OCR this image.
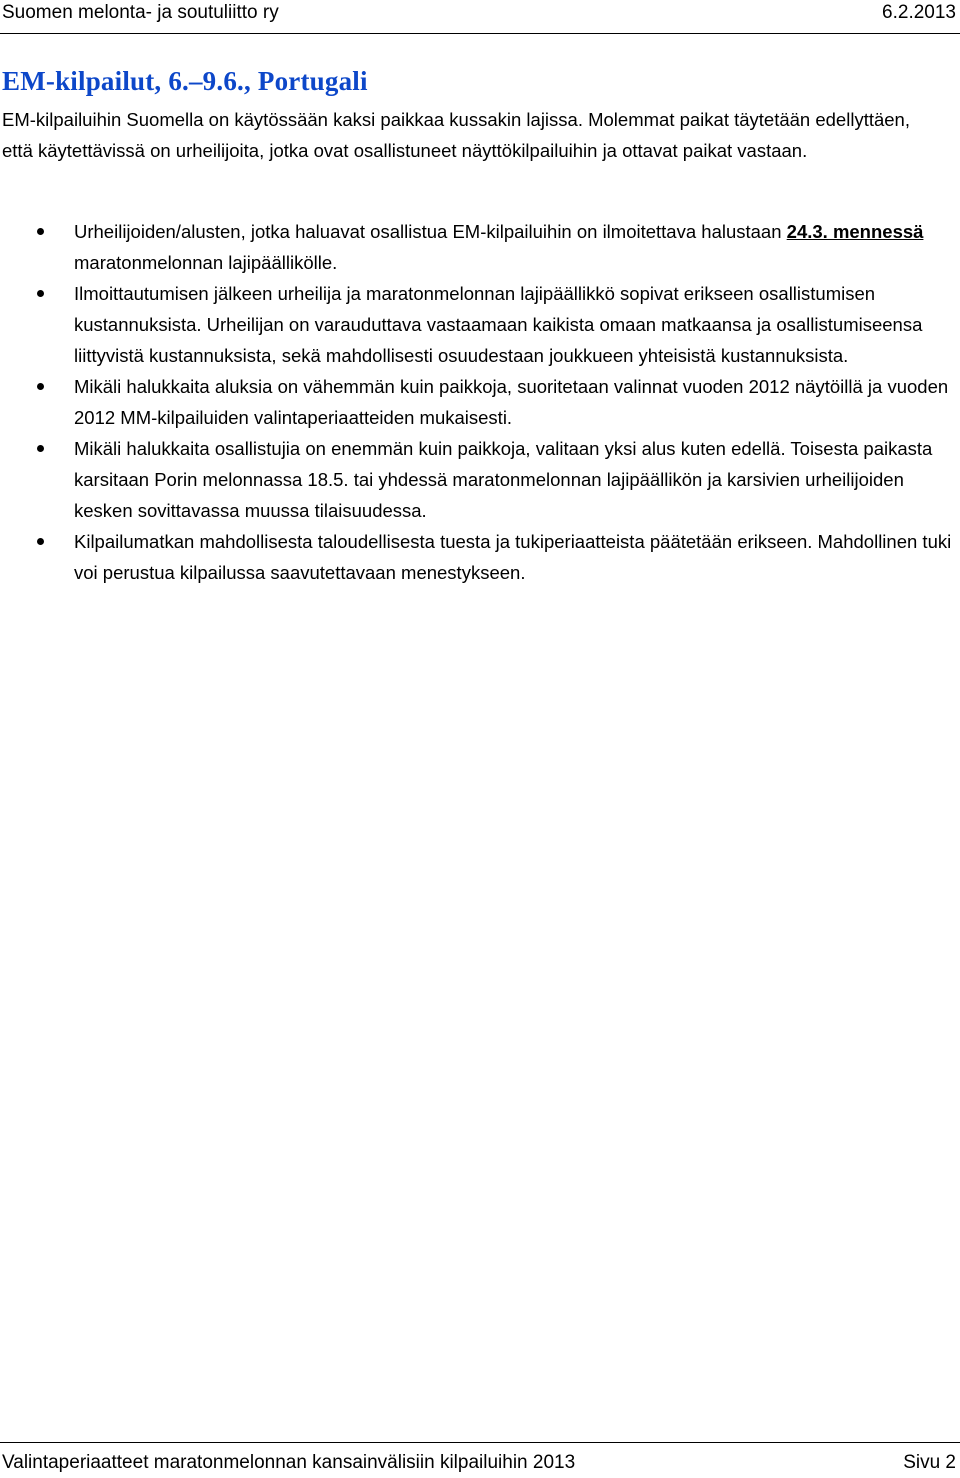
Suomen melonta- ja soutuliitto ry	6.2.2013
EM-kilpailut, 6.–9.6., Portugali

EM-kilpailuihin Suomella on käytössään kaksi paikkaa kussakin lajissa. Molemmat paikat täytetään edellyttäen, että käytettävissä on urheilijoita, jotka ovat osallistuneet näyttökilpailuihin ja ottavat paikat vastaan.

Urheilijoiden/alusten, jotka haluavat osallistua EM-kilpailuihin on ilmoitettava halustaan 24.3. mennessä maratonmelonnan lajipäällikölle.
Ilmoittautumisen jälkeen urheilija ja maratonmelonnan lajipäällikkö sopivat erikseen osallistumisen kustannuksista. Urheilijan on varauduttava vastaamaan kaikista omaan matkaansa ja osallistumiseensa liittyvistä kustannuksista, sekä mahdollisesti osuudestaan joukkueen yhteisistä kustannuksista.
Mikäli halukkaita aluksia on vähemmän kuin paikkoja, suoritetaan valinnat vuoden 2012 näytöillä ja vuoden 2012 MM-kilpailuiden valintaperiaatteiden mukaisesti.
Mikäli halukkaita osallistujia on enemmän kuin paikkoja, valitaan yksi alus kuten edellä. Toisesta paikasta karsitaan Porin melonnassa 18.5. tai yhdessä maratonmelonnan lajipäällikön ja karsivien urheilijoiden kesken sovittavassa muussa tilaisuudessa.
Kilpailumatkan mahdollisesta taloudellisesta tuesta ja tukiperiaatteista päätetään erikseen. Mahdollinen tuki voi perustua kilpailussa saavutettavaan menestykseen.
Valintaperiaatteet maratonmelonnan kansainvälisiin kilpailuihin 2013	Sivu 2
